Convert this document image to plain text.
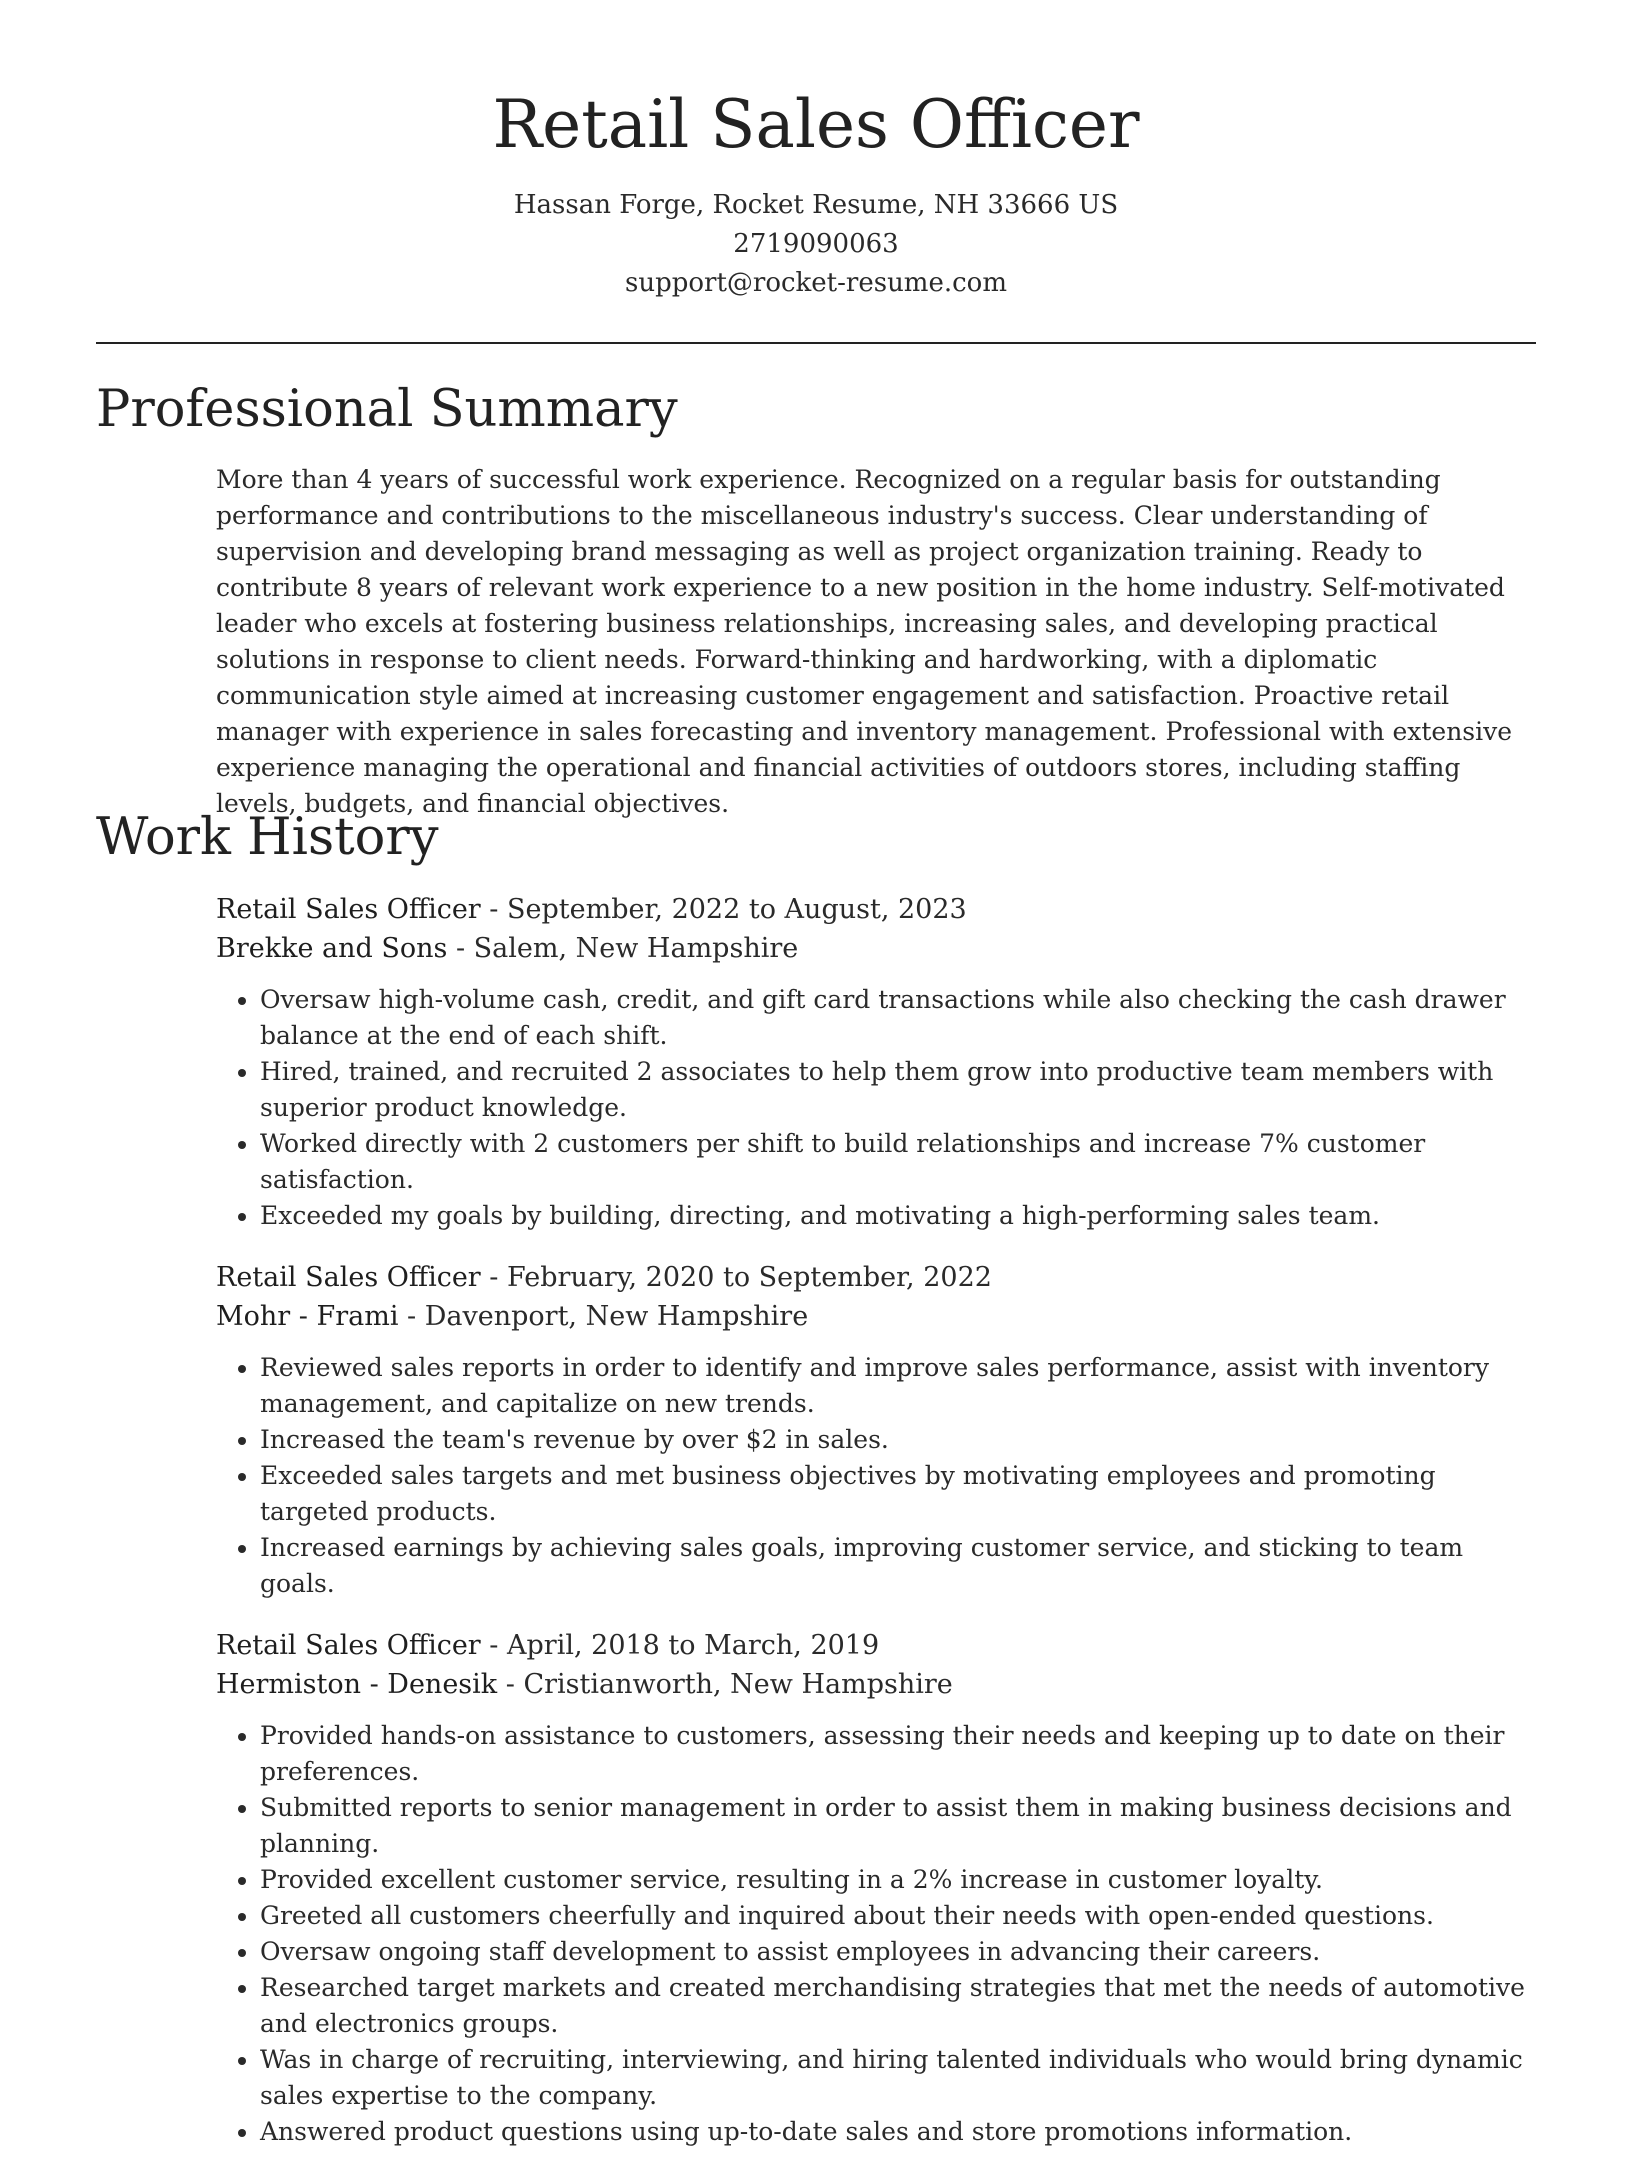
Retail Sales Officer
Hassan Forge, Rocket Resume, NH 33666 US
2719090063
support@rocket-resume.com
Professional Summary

More than 4 years of successful work experience. Recognized on a regular basis for outstanding performance and contributions to the miscellaneous industry's success. Clear understanding of supervision and developing brand messaging as well as project organization training. Ready to contribute 8 years of relevant work experience to a new position in the home industry. Self-motivated leader who excels at fostering business relationships, increasing sales, and developing practical solutions in response to client needs. Forward-thinking and hardworking, with a diplomatic communication style aimed at increasing customer engagement and satisfaction. Proactive retail manager with experience in sales forecasting and inventory management. Professional with extensive experience managing the operational and financial activities of outdoors stores, including staffing levels, budgets, and financial objectives.

Work History
Retail Sales Officer - September, 2022 to August, 2023
Brekke and Sons - Salem, New Hampshire
• Oversaw high-volume cash, credit, and gift card transactions while also checking the cash drawer balance at the end of each shift.
• Hired, trained, and recruited 2 associates to help them grow into productive team members with superior product knowledge.
• Worked directly with 2 customers per shift to build relationships and increase 7% customer satisfaction.
• Exceeded my goals by building, directing, and motivating a high-performing sales team.
Retail Sales Officer - February, 2020 to September, 2022
Mohr - Frami - Davenport, New Hampshire
• Reviewed sales reports in order to identify and improve sales performance, assist with inventory management, and capitalize on new trends.
• Increased the team's revenue by over $2 in sales.
• Exceeded sales targets and met business objectives by motivating employees and promoting targeted products.
• Increased earnings by achieving sales goals, improving customer service, and sticking to team goals.
Retail Sales Officer - April, 2018 to March, 2019
Hermiston - Denesik - Cristianworth, New Hampshire
• Provided hands-on assistance to customers, assessing their needs and keeping up to date on their preferences.
• Submitted reports to senior management in order to assist them in making business decisions and planning.
• Provided excellent customer service, resulting in a 2% increase in customer loyalty.
• Greeted all customers cheerfully and inquired about their needs with open-ended questions.
• Oversaw ongoing staff development to assist employees in advancing their careers.
• Researched target markets and created merchandising strategies that met the needs of automotive and electronics groups.
• Was in charge of recruiting, interviewing, and hiring talented individuals who would bring dynamic sales expertise to the company.
• Answered product questions using up-to-date sales and store promotions information.
